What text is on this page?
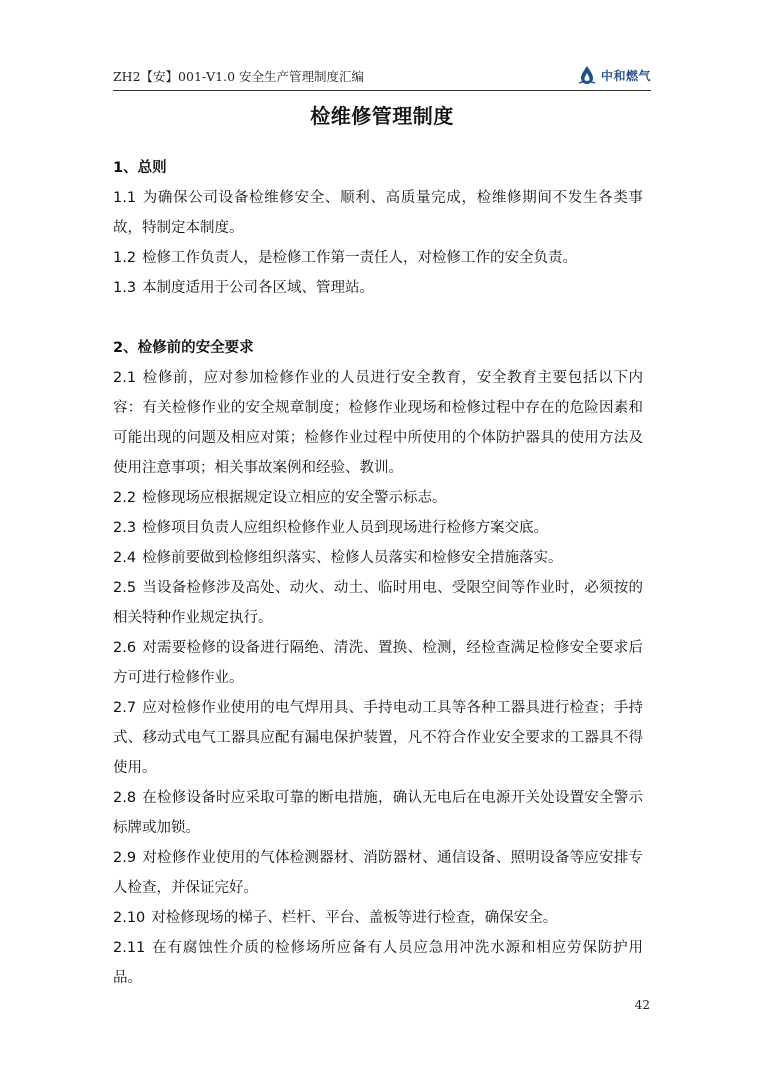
ZH2【安】001-V1.0 安全生产管理制度汇编	中和燃气
检维修管理制度

1、总则

1.1 为确保公司设备检维修安全、顺利、高质量完成，检维修期间不发生各类事故，特制定本制度。

1.2 检修工作负责人，是检修工作第一责任人，对检修工作的安全负责。

1.3 本制度适用于公司各区域、管理站。

2、检修前的安全要求

2.1 检修前，应对参加检修作业的人员进行安全教育，安全教育主要包括以下内容：有关检修作业的安全规章制度；检修作业现场和检修过程中存在的危险因素和可能出现的问题及相应对策；检修作业过程中所使用的个体防护器具的使用方法及使用注意事项；相关事故案例和经验、教训。

2.2 检修现场应根据规定设立相应的安全警示标志。

2.3 检修项目负责人应组织检修作业人员到现场进行检修方案交底。

2.4 检修前要做到检修组织落实、检修人员落实和检修安全措施落实。

2.5 当设备检修涉及高处、动火、动土、临时用电、受限空间等作业时，必须按的相关特种作业规定执行。

2.6 对需要检修的设备进行隔绝、清洗、置换、检测，经检查满足检修安全要求后方可进行检修作业。

2.7 应对检修作业使用的电气焊用具、手持电动工具等各种工器具进行检查；手持式、移动式电气工器具应配有漏电保护装置，凡不符合作业安全要求的工器具不得使用。

2.8 在检修设备时应采取可靠的断电措施，确认无电后在电源开关处设置安全警示标牌或加锁。

2.9 对检修作业使用的气体检测器材、消防器材、通信设备、照明设备等应安排专人检查，并保证完好。

2.10 对检修现场的梯子、栏杆、平台、盖板等进行检查，确保安全。

2.11 在有腐蚀性介质的检修场所应备有人员应急用冲洗水源和相应劳保防护用品。

42
